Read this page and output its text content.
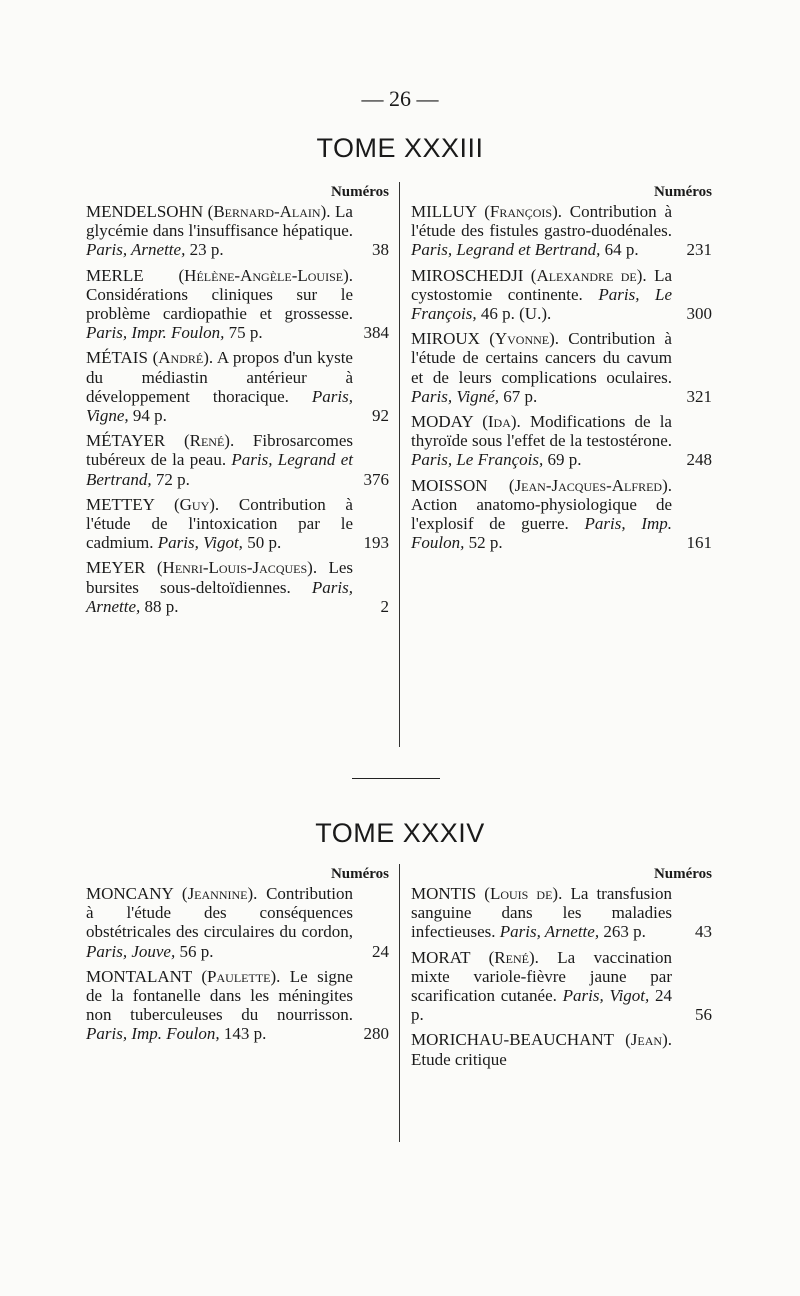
— 26 —
TOME XXXIII
Numéros
MENDELSOHN (Bernard-Alain). La glycémie dans l'insuffisance hépatique. Paris, Arnette, 23 p.	38
MERLE (Hélène-Angèle-Louise). Considérations cliniques sur le problème cardiopathie et grossesse. Paris, Impr. Foulon, 75 p.	384
MÉTAIS (André). A propos d'un kyste du médiastin antérieur à développement thoracique. Paris, Vigne, 94 p.	92
MÉTAYER (René). Fibrosarcomes tubéreux de la peau. Paris, Legrand et Bertrand, 72 p.	376
METTEY (Guy). Contribution à l'étude de l'intoxication par le cadmium. Paris, Vigot, 50 p.	193
MEYER (Henri-Louis-Jacques). Les bursites sous-deltoïdiennes. Paris, Arnette, 88 p.	2
Numéros
MILLUY (François). Contribution à l'étude des fistules gastro-duodénales. Paris, Legrand et Bertrand, 64 p.	231
MIROSCHEDJI (Alexandre de). La cystostomie continente. Paris, Le François, 46 p. (U.).	300
MIROUX (Yvonne). Contribution à l'étude de certains cancers du cavum et de leurs complications oculaires. Paris, Vigné, 67 p.	321
MODAY (Ida). Modifications de la thyroïde sous l'effet de la testostérone. Paris, Le François, 69 p.	248
MOISSON (Jean-Jacques-Alfred). Action anatomo-physiologique de l'explosif de guerre. Paris, Imp. Foulon, 52 p.	161
TOME XXXIV
Numéros
MONCANY (Jeannine). Contribution à l'étude des conséquences obstétricales des circulaires du cordon, Paris, Jouve, 56 p.	24
MONTALANT (Paulette). Le signe de la fontanelle dans les méningites non tuberculeuses du nourrisson. Paris, Imp. Foulon, 143 p.	280
Numéros
MONTIS (Louis de). La transfusion sanguine dans les maladies infectieuses. Paris, Arnette, 263 p.	43
MORAT (René). La vaccination mixte variole-fièvre jaune par scarification cutanée. Paris, Vigot, 24 p.	56
MORICHAU-BEAUCHANT (Jean). Etude critique
